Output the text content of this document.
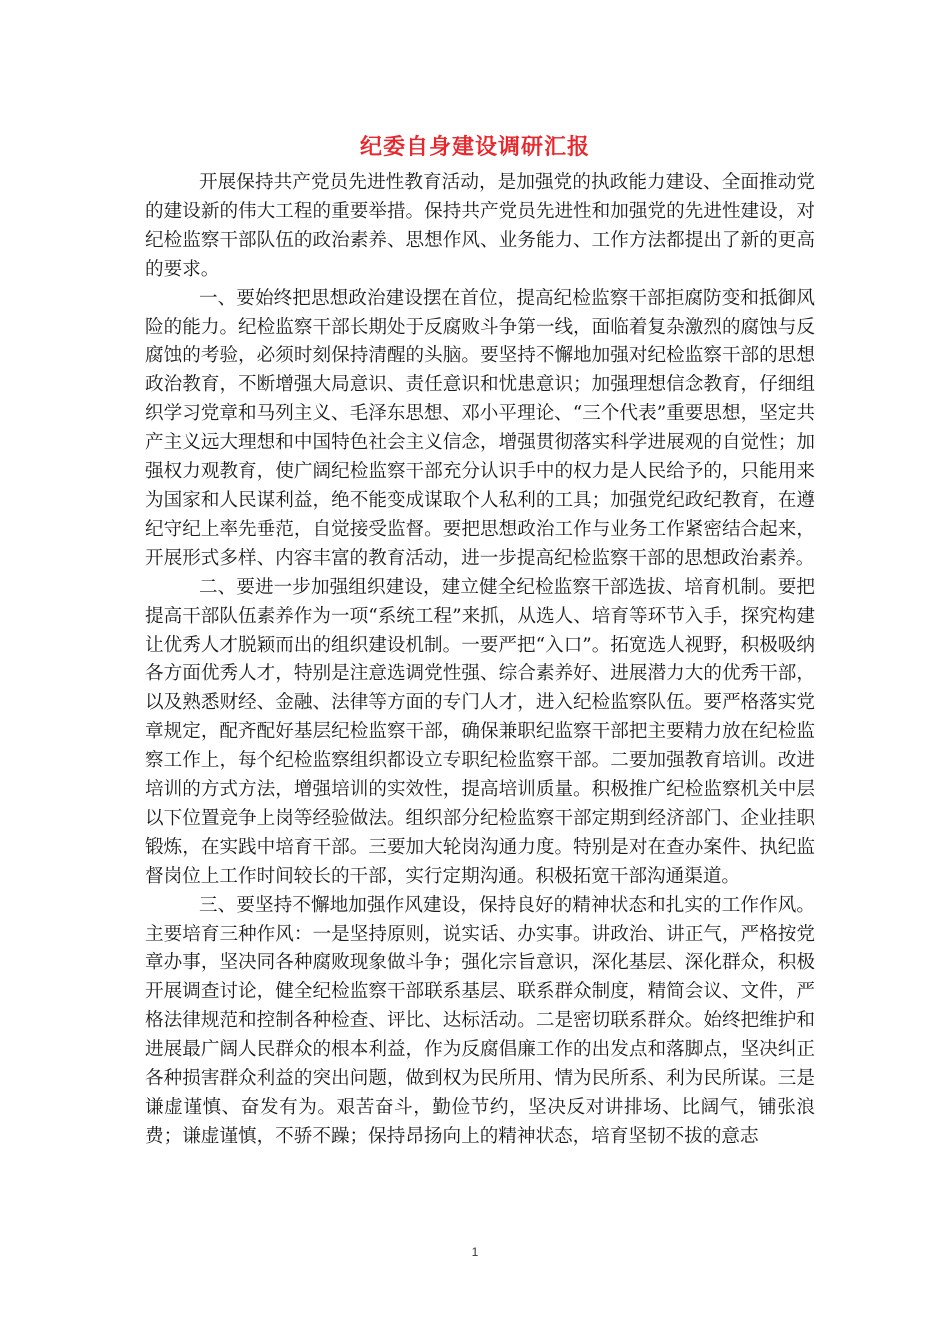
纪委自身建设调研汇报

开展保持共产党员先进性教育活动，是加强党的执政能力建设、全面推动党的建设新的伟大工程的重要举措。保持共产党员先进性和加强党的先进性建设，对纪检监察干部队伍的政治素养、思想作风、业务能力、工作方法都提出了新的更高的要求。

一、要始终把思想政治建设摆在首位，提高纪检监察干部拒腐防变和抵御风险的能力。纪检监察干部长期处于反腐败斗争第一线，面临着复杂激烈的腐蚀与反腐蚀的考验，必须时刻保持清醒的头脑。要坚持不懈地加强对纪检监察干部的思想政治教育，不断增强大局意识、责任意识和忧患意识；加强理想信念教育，仔细组织学习党章和马列主义、毛泽东思想、邓小平理论、“三个代表”重要思想，坚定共产主义远大理想和中国特色社会主义信念，增强贯彻落实科学进展观的自觉性；加强权力观教育，使广阔纪检监察干部充分认识手中的权力是人民给予的，只能用来为国家和人民谋利益，绝不能变成谋取个人私利的工具；加强党纪政纪教育，在遵纪守纪上率先垂范，自觉接受监督。要把思想政治工作与业务工作紧密结合起来，开展形式多样、内容丰富的教育活动，进一步提高纪检监察干部的思想政治素养。

二、要进一步加强组织建设，建立健全纪检监察干部选拔、培育机制。要把提高干部队伍素养作为一项“系统工程”来抓，从选人、培育等环节入手，探究构建让优秀人才脱颖而出的组织建设机制。一要严把“入口”。拓宽选人视野，积极吸纳各方面优秀人才，特别是注意选调党性强、综合素养好、进展潜力大的优秀干部，以及熟悉财经、金融、法律等方面的专门人才，进入纪检监察队伍。要严格落实党章规定，配齐配好基层纪检监察干部，确保兼职纪监察干部把主要精力放在纪检监察工作上，每个纪检监察组织都设立专职纪检监察干部。二要加强教育培训。改进培训的方式方法，增强培训的实效性，提高培训质量。积极推广纪检监察机关中层以下位置竞争上岗等经验做法。组织部分纪检监察干部定期到经济部门、企业挂职锻炼，在实践中培育干部。三要加大轮岗沟通力度。特别是对在查办案件、执纪监督岗位上工作时间较长的干部，实行定期沟通。积极拓宽干部沟通渠道。

三、要坚持不懈地加强作风建设，保持良好的精神状态和扎实的工作作风。主要培育三种作风：一是坚持原则，说实话、办实事。讲政治、讲正气，严格按党章办事，坚决同各种腐败现象做斗争；强化宗旨意识，深化基层、深化群众，积极开展调查讨论，健全纪检监察干部联系基层、联系群众制度，精简会议、文件，严格法律规范和控制各种检查、评比、达标活动。二是密切联系群众。始终把维护和进展最广阔人民群众的根本利益，作为反腐倡廉工作的出发点和落脚点，坚决纠正各种损害群众利益的突出问题，做到权为民所用、情为民所系、利为民所谋。三是谦虚谨慎、奋发有为。艰苦奋斗，勤俭节约，坚决反对讲排场、比阔气，铺张浪费；谦虚谨慎，不骄不躁；保持昂扬向上的精神状态，培育坚韧不拔的意志

1
